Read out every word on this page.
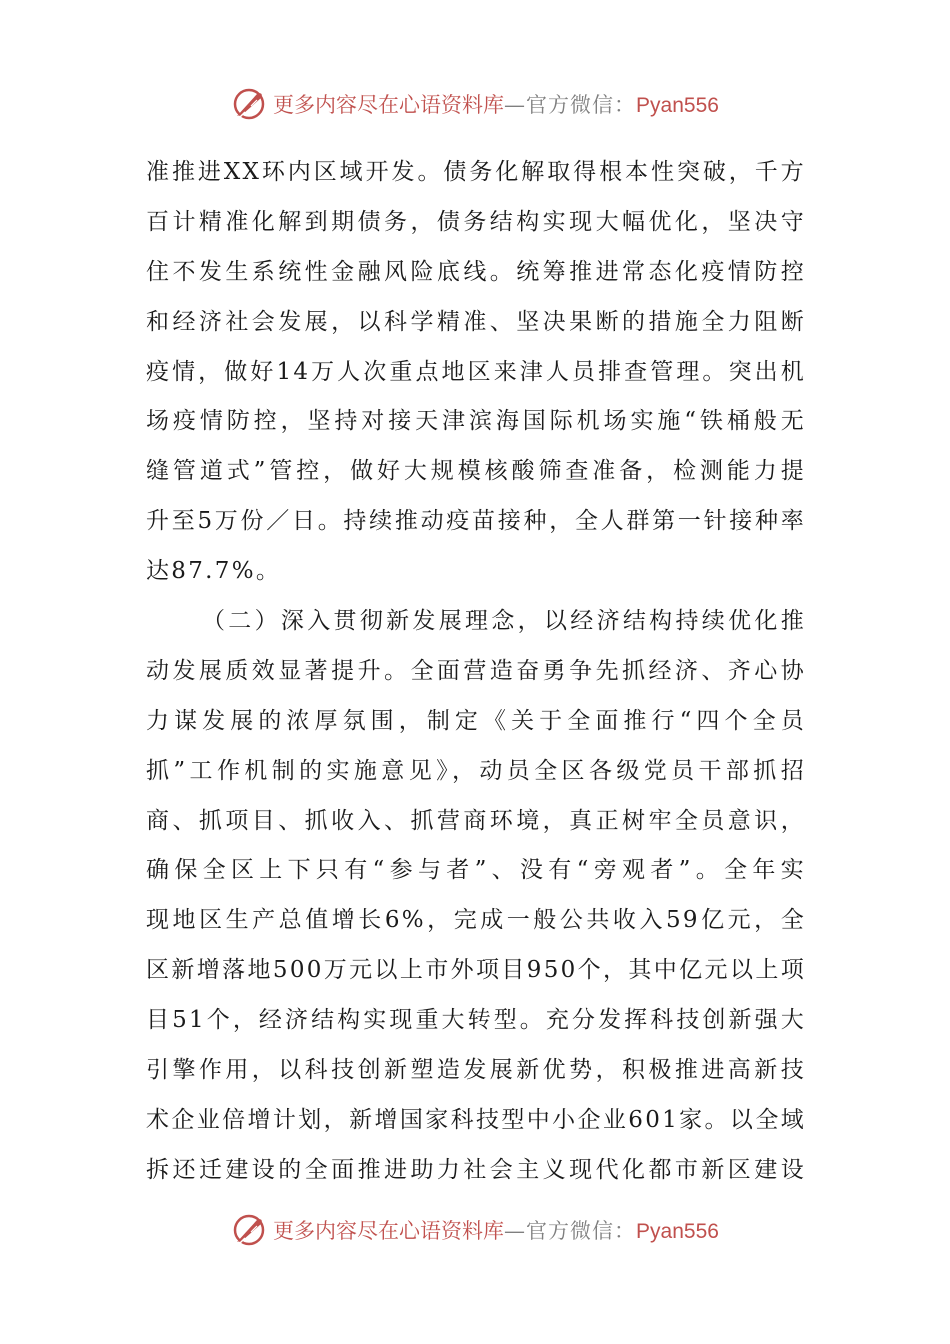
更多内容尽在心语资料库 — 官方微信： Pyan556
准推进XX环内区域开发。债务化解取得根本性突破，千方
百计精准化解到期债务，债务结构实现大幅优化，坚决守
住不发生系统性金融风险底线。统筹推进常态化疫情防控
和经济社会发展，以科学精准、坚决果断的措施全力阻断
疫情，做好14万人次重点地区来津人员排查管理。突出机
场疫情防控，坚持对接天津滨海国际机场实施“铁桶般无
缝管道式”管控，做好大规模核酸筛查准备，检测能力提
升至5万份／日。持续推动疫苗接种，全人群第一针接种率
达87.7%。
（二）深入贯彻新发展理念，以经济结构持续优化推
动发展质效显著提升。全面营造奋勇争先抓经济、齐心协
力谋发展的浓厚氛围，制定《关于全面推行“四个全员
抓”工作机制的实施意见》，动员全区各级党员干部抓招
商、抓项目、抓收入、抓营商环境，真正树牢全员意识，
确保全区上下只有“参与者”、没有“旁观者”。全年实
现地区生产总值增长6%，完成一般公共收入59亿元，全
区新增落地500万元以上市外项目950个，其中亿元以上项
目51个，经济结构实现重大转型。充分发挥科技创新强大
引擎作用，以科技创新塑造发展新优势，积极推进高新技
术企业倍增计划，新增国家科技型中小企业601家。以全域
拆还迁建设的全面推进助力社会主义现代化都市新区建设
更多内容尽在心语资料库 — 官方微信： Pyan556
